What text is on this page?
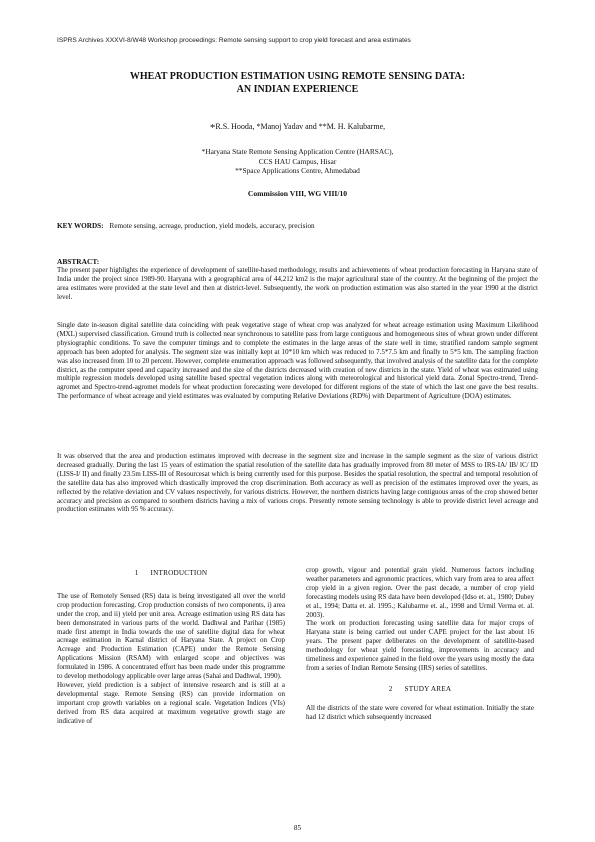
ISPRS Archives XXXVI-8/W48 Workshop proceedings: Remote sensing support to crop yield forecast and area estimates
WHEAT PRODUCTION ESTIMATION USING REMOTE SENSING DATA:
AN INDIAN EXPERIENCE
*R.S. Hooda, *Manoj Yadav and **M. H. Kalubarme,
*Haryana State Remote Sensing Application Centre (HARSAC),
CCS HAU Campus, Hisar
**Space Applications Centre, Ahmedabad
Commission VIII, WG VIII/10
KEY WORDS: Remote sensing, acreage, production, yield models, accuracy, precision
ABSTRACT:
The present paper highlights the experience of development of satellite-based methodology, results and achievements of wheat production forecasting in Haryana state of India under the project since 1989-90. Haryana with a geographical area of 44,212 km2 is the major agricultural state of the country. At the beginning of the project the area estimates were provided at the state level and then at district-level. Subsequently, the work on production estimation was also started in the year 1990 at the district level.
Single date in-season digital satellite data coinciding with peak vegetative stage of wheat crop was analyzed for wheat acreage estimation using Maximum Likelihood (MXL) supervised classification. Ground truth is collected near synchronous to satellite pass from large contiguous and homogeneous sites of wheat grown under different physiographic conditions. To save the computer timings and to complete the estimates in the large areas of the state well in time, stratified random sample segment approach has been adopted for analysis. The segment size was initially kept at 10*10 km which was reduced to 7.5*7.5 km and finally to 5*5 km. The sampling fraction was also increased from 10 to 20 percent. However, complete enumeration approach was followed subsequently, that involved analysis of the satellite data for the complete district, as the computer speed and capacity increased and the size of the districts decreased with creation of new districts in the state. Yield of wheat was estimated using multiple regression models developed using satellite based spectral vegetation indices along with meteorological and historical yield data. Zonal Spectro-trend, Trend-agromet and Spectro-trend-agromet models for wheat production forecasting were developed for different regions of the state of which the last one gave the best results. The performance of wheat acreage and yield estimates was evaluated by computing Relative Deviations (RD%) with Department of Agriculture (DOA) estimates.
It was observed that the area and production estimates improved with decrease in the segment size and increase in the sample segment as the size of various district decreased gradually. During the last 15 years of estimation the spatial resolution of the satellite data has gradually improved from 80 meter of MSS to IRS-IA/ IB/ lC/ ID (LISS-I/ II) and finally 23.5m LISS-III of Resourcesat which is being currently used for this purpose. Besides the spatial resolution, the spectral and temporal resolution of the satellite data has also improved which drastically improved the crop discrimination. Both accuracy as well as precision of the estimates improved over the years, as reflected by the relative deviation and CV values respectively, for various districts. However, the northern districts having large contiguous areas of the crop showed better accuracy and precision as compared to southern districts having a mix of various crops. Presently remote sensing technology is able to provide district level acreage and production estimates with 95 % accuracy.
1      INTRODUCTION

The use of Remotely Sensed (RS) data is being investigated all over the world crop production forecasting. Crop production consists of two components, i) area under the crop, and ii) yield per unit area. Acreage estimation using RS data has been demonstrated in various parts of the world. Dadhwal and Parihar (1985) made first attempt in India towards the use of satellite digital data for wheat acreage estimation in Karnal district of Haryana State. A project on Crop Acreage and Production Estimation (CAPE) under the Remote Sensing Applications Mission (RSAM) with enlarged scope and objectives was formulated in 1986. A concentrated effort has been made under this programme to develop methodology applicable over large areas (Sahai and Dadhwal, 1990).

However, yield prediction is a subject of intensive research and is still at a developmental stage. Remote Sensing (RS) can provide information on important crop growth variables on a regional scale. Vegetation Indices (VIs) derived from RS data acquired at maximum vegetative growth stage are indicative of

crop growth, vigour and potential grain yield. Numerous factors including weather parameters and agronomic practices, which vary from area to area affect crop yield in a given region. Over the past decade, a number of crop yield forecasting models using RS data have been developed (Idso et. al., 1980; Dubey et al., 1994; Datta et. al. 1995.; Kalubarme et. al., 1998 and Urmil Verma et. al. 2003).

The work on production forecasting using satellite data for major crops of Haryana state is being carried out under CAPE project for the last about 16 years. The present paper deliberates on the development of satellite-based methodology for wheat yield forecasting, improvements in accuracy and timeliness and experience gained in the field over the years using mostly the data from a series of Indian Remote Sensing (IRS) series of satellites.

2      STUDY AREA

All the districts of the state were covered for wheat estimation. Initially the state had 12 district which subsequently increased

85
